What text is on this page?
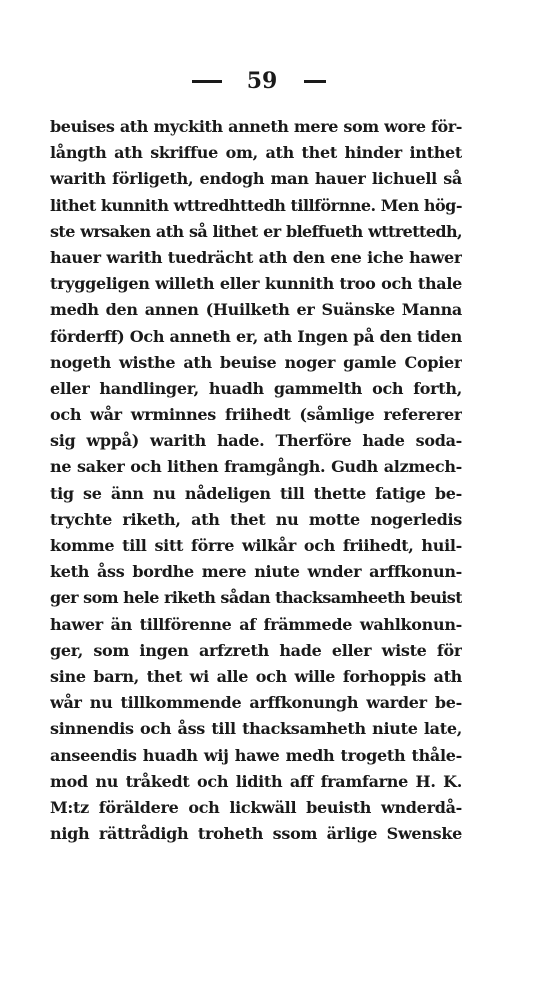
59
beuises ath myckith anneth mere som wore för-
långth ath skriffue om, ath thet hinder inthet
warith förligeth, endogh man hauer lichuell så
lithet kunnith wttredhttedh tillförnne. Men hög-
ste wrsaken ath så lithet er bleffueth wttrettedh,
hauer warith tuedrächt ath den ene iche hawer
tryggeligen willeth eller kunnith troo och thale
medh den annen (Huilketh er Suänske Manna
förderff) Och anneth er, ath Ingen på den tiden
nogeth wisthe ath beuise noger gamle Copier
eller handlinger, huadh gammelth och forth,
och wår wrminnes friihedt (såmlige refererer
sig wppå) warith hade. Therföre hade soda-
ne saker och lithen framgångh. Gudh alzmech-
tig se änn nu nådeligen till thette fatige be-
trychte riketh, ath thet nu motte nogerledis
komme till sitt förre wilkår och friihedt, huil-
keth åss bordhe mere niute wnder arffkonun-
ger som hele riketh sådan thacksamheeth beuist
hawer än tillförenne af främmede wahlkonun-
ger, som ingen arfzreth hade eller wiste för
sine barn, thet wi alle och wille forhoppis ath
wår nu tillkommende arffkonungh warder be-
sinnendis och åss till thacksamheth niute late,
anseendis huadh wij hawe medh trogeth thåle-
mod nu tråkedt och lidith aff framfarne H. K.
M:tz föräldere och lickwäll beuisth wnderdå-
nigh rättrådigh troheth ssom ärlige Swenske
